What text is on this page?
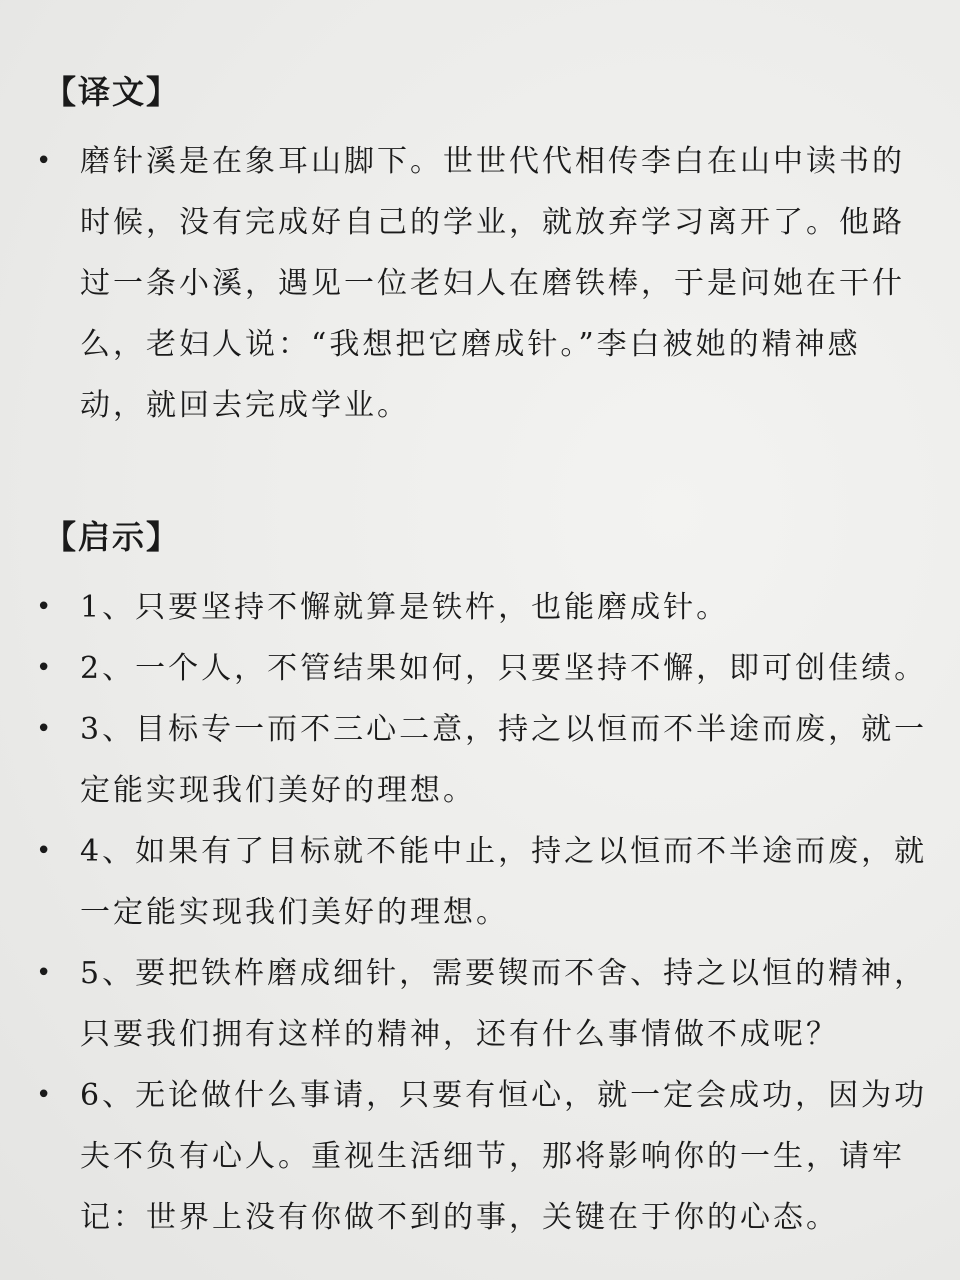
【译文】
• 磨针溪是在象耳山脚下。世世代代相传李白在山中读书的
时候，没有完成好自己的学业，就放弃学习离开了。他路
过一条小溪，遇见一位老妇人在磨铁棒，于是问她在干什
么，老妇人说：“我想把它磨成针。”李白被她的精神感
动，就回去完成学业。
【启示】
• 1、只要坚持不懈就算是铁杵，也能磨成针。
• 2、一个人，不管结果如何，只要坚持不懈，即可创佳绩。
• 3、目标专一而不三心二意，持之以恒而不半途而废，就一
定能实现我们美好的理想。
• 4、如果有了目标就不能中止，持之以恒而不半途而废，就
一定能实现我们美好的理想。
• 5、要把铁杵磨成细针，需要锲而不舍、持之以恒的精神，
只要我们拥有这样的精神，还有什么事情做不成呢？
• 6、无论做什么事请，只要有恒心，就一定会成功，因为功
夫不负有心人。重视生活细节，那将影响你的一生，请牢
记：世界上没有你做不到的事，关键在于你的心态。
